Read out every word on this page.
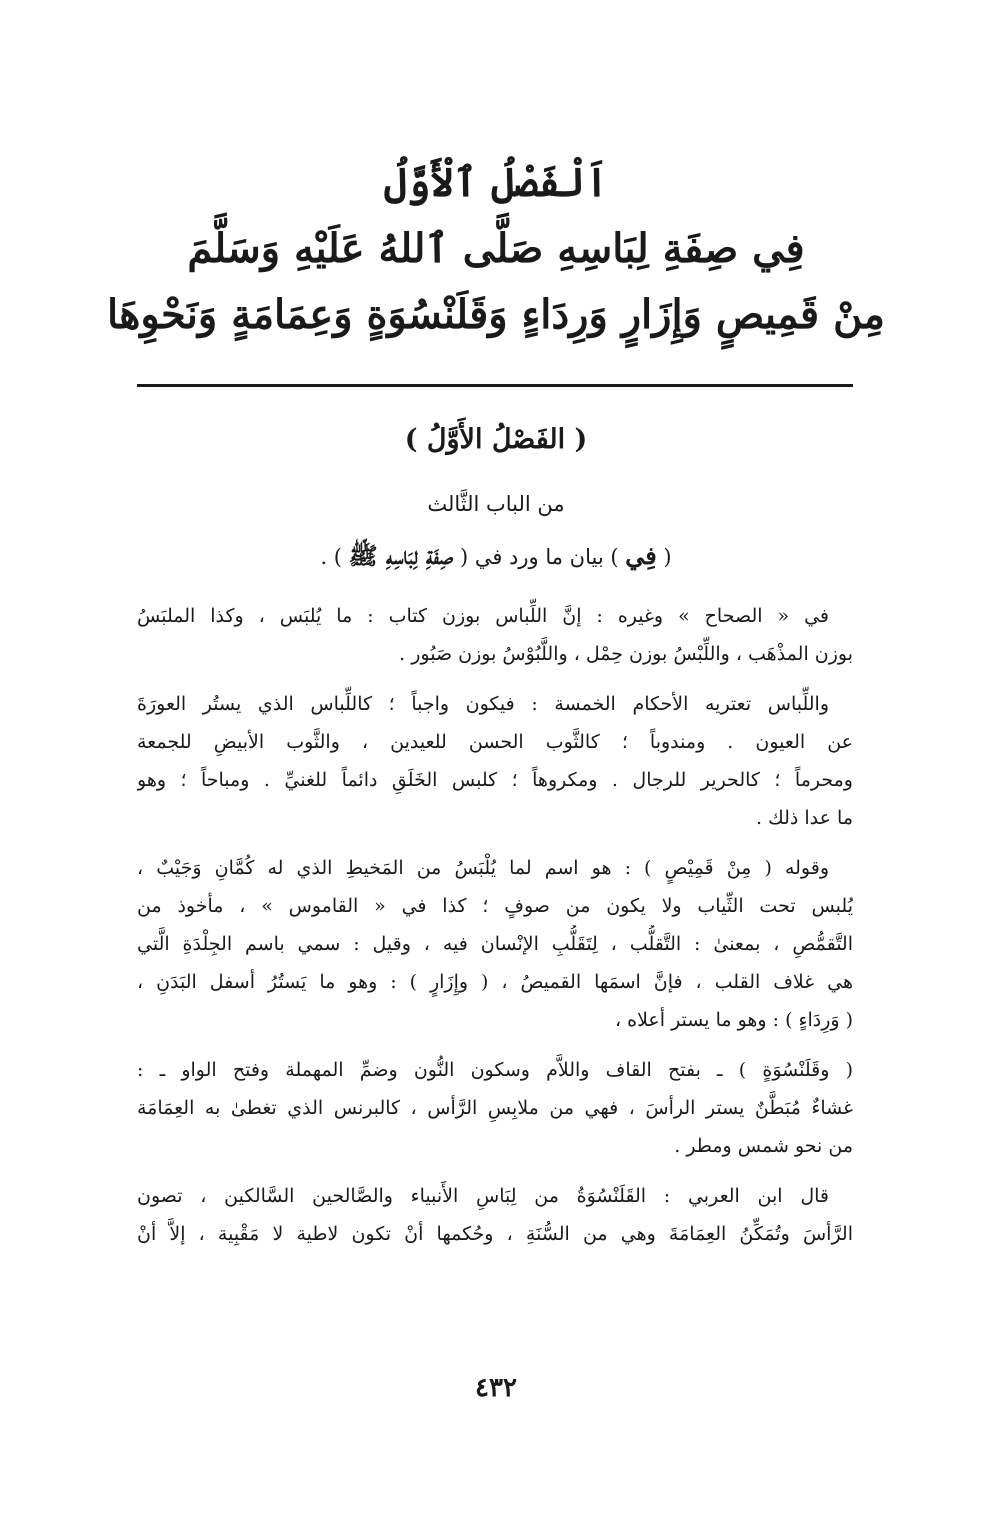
اَلْفَصْلُ ٱلْأَوَّلُ

فِي صِفَةِ لِبَاسِهِ صَلَّى ٱللهُ عَلَيْهِ وَسَلَّمَ

مِنْ قَمِيصٍ وَإِزَارٍ وَرِدَاءٍ وَقَلَنْسُوَةٍ وَعِمَامَةٍ وَنَحْوِهَا

( الفَصْلُ الأَوَّلُ )
من الباب الثَّالث
( فِي ) بيان ما ورد في ( صِفَةِ لِبَاسِهِ ﷺ ) .
في « الصحاح » وغيره : إنَّ اللِّباس بوزن كتاب : ما يُلبَس ، وكذا الملبَسُ
بوزن المذْهَب ، واللِّبْسُ بوزن حِمْل ، واللَّبُوْسُ بوزن صَبُور .
واللِّباس تعتريه الأحكام الخمسة : فيكون واجباً ؛ كاللِّباس الذي يستُر العورَةَ
عن العيون . ومندوباً ؛ كالثَّوب الحسن للعيدين ، والثَّوب الأبيضِ للجمعة
ومحرماً ؛ كالحرير للرجال . ومكروهاً ؛ كلبس الخَلَقِ دائماً للغنيِّ . ومباحاً ؛ وهو
ما عدا ذلك .
وقوله ( مِنْ قَمِيْصٍ ) : هو اسم لما يُلْبَسُ من المَخيطِ الذي له كُمَّانِ وَجَيْبٌ ،
يُلبس تحت الثِّياب ولا يكون من صوفٍ ؛ كذا في « القاموس » ، مأخوذ من
التَّقمُّصِ ، بمعنىٰ : التَّقلُّب ، لِتَقَلُّبِ الإنْسان فيه ، وقيل : سمي باسم الجِلْدَةِ الَّتي
هي غلاف القلب ، فإنَّ اسمَها القميصُ ، ( وإِزَارٍ ) : وهو ما يَستُرُ أسفل البَدَنِ ،
( وَرِدَاءٍ ) : وهو ما يستر أعلاه ،
( وقَلَنْسُوَةٍ ) ـ بفتح القاف واللاَّم وسكون النُّون وضمِّ المهملة وفتح الواو ـ :
غشاءٌ مُبَطَّنٌ يستر الرأسَ ، فهي من ملابِسِ الرَّأس ، كالبرنس الذي تغطىٰ به العِمَامَة
من نحو شمس ومطر .
قال ابن العربي : القَلَنْسُوَةُ من لِبَاسِ الأَنبياء والصَّالحين السَّالكين ، تصون
الرَّأسَ وتُمَكِّنُ العِمَامَةَ وهي من السُّنَةِ ، وحُكمها أنْ تكون لاطية لا مَقْبِية ، إلاَّ أنْ
٤٣٢
